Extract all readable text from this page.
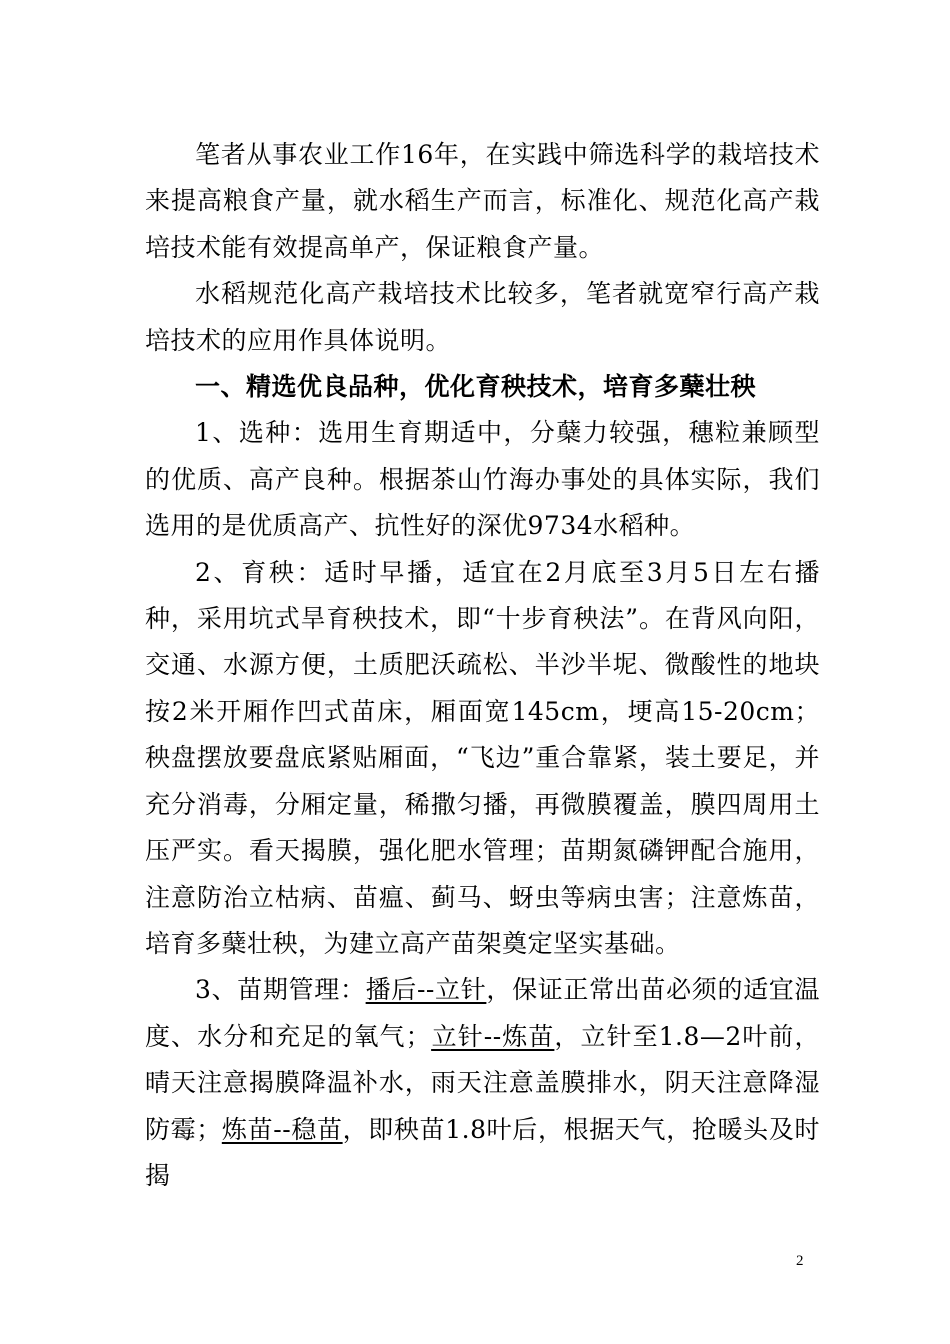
笔者从事农业工作16年，在实践中筛选科学的栽培技术来提高粮食产量，就水稻生产而言，标准化、规范化高产栽培技术能有效提高单产，保证粮食产量。

水稻规范化高产栽培技术比较多，笔者就宽窄行高产栽培技术的应用作具体说明。

一、精选优良品种，优化育秧技术，培育多蘖壮秧

1、选种：选用生育期适中，分蘖力较强，穗粒兼顾型的优质、高产良种。根据茶山竹海办事处的具体实际，我们选用的是优质高产、抗性好的深优9734水稻种。

2、育秧：适时早播，适宜在2月底至3月5日左右播种，采用坑式旱育秧技术，即“十步育秧法”。在背风向阳，交通、水源方便，土质肥沃疏松、半沙半坭、微酸性的地块按2米开厢作凹式苗床，厢面宽145cm，埂高15-20cm；秧盘摆放要盘底紧贴厢面，“飞边”重合靠紧，装土要足，并充分消毒，分厢定量，稀撒匀播，再微膜覆盖，膜四周用土压严实。看天揭膜，强化肥水管理；苗期氮磷钾配合施用，注意防治立枯病、苗瘟、蓟马、蚜虫等病虫害；注意炼苗，培育多蘖壮秧，为建立高产苗架奠定坚实基础。

3、苗期管理：播后--立针，保证正常出苗必须的适宜温度、水分和充足的氧气；立针--炼苗，立针至1.8—2叶前，晴天注意揭膜降温补水，雨天注意盖膜排水，阴天注意降湿防霉；炼苗--稳苗，即秧苗1.8叶后，根据天气，抢暖头及时揭

2
